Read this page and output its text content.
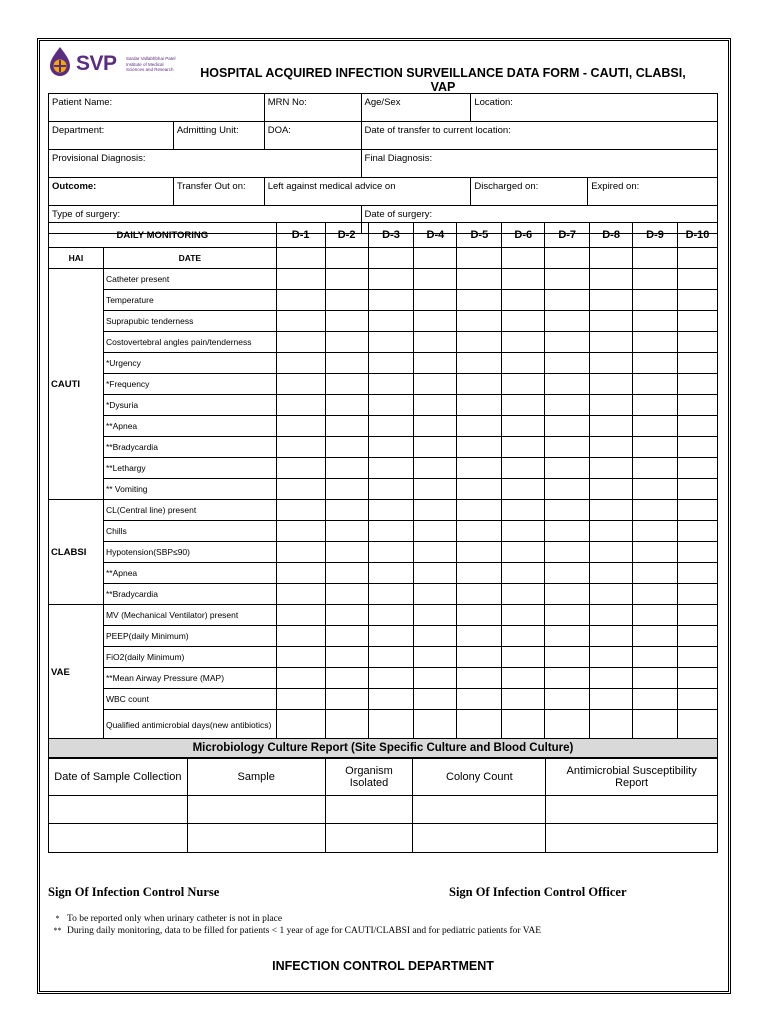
SVP Sardar Vallabhbhai Patel Institute of Medical Sciences and Research	HOSPITAL ACQUIRED INFECTION SURVEILLANCE DATA FORM - CAUTI, CLABSI, VAP
Patient Name:		MRN No:	Age/Sex	Location:	
Department:	Admitting Unit:	DOA:	Date of transfer to current location:		
Provisional Diagnosis:			Final Diagnosis:		
Outcome:	Transfer Out on:	Left against medical advice on		Discharged on:	Expired on:
Type of surgery:			Date of surgery:		
DAILY MONITORING		D-1	D-2	D-3	D-4	D-5	D-6	D-7	D-8	D-9	D-10
HAI	DATE										
CAUTI	Catheter present										
	Temperature										
	Suprapubic tenderness										
	Costovertebral angles pain/tenderness										
	*Urgency										
	*Frequency										
	*Dysuria										
	**Apnea										
	**Bradycardia										
	**Lethargy										
	** Vomiting										
CLABSI	CL(Central line) present										
	Chills										
	Hypotension(SBP≤90)										
	**Apnea										
	**Bradycardia										
VAE	MV (Mechanical Ventilator) present										
	PEEP(daily Minimum)										
	FiO2(daily Minimum)										
	**Mean Airway Pressure (MAP)										
	WBC count										
	Qualified antimicrobial days(new antibiotics)										
Microbiology Culture Report (Site Specific Culture and Blood Culture)
Date of Sample Collection	Sample	Organism Isolated	Colony Count	Antimicrobial Susceptibility Report

Sign Of Infection Control Nurse	Sign Of Infection Control Officer
* To be reported only when urinary catheter is not in place
** During daily monitoring, data to be filled for patients < 1 year of age for CAUTI/CLABSI and for pediatric patients for VAE
INFECTION CONTROL DEPARTMENT
